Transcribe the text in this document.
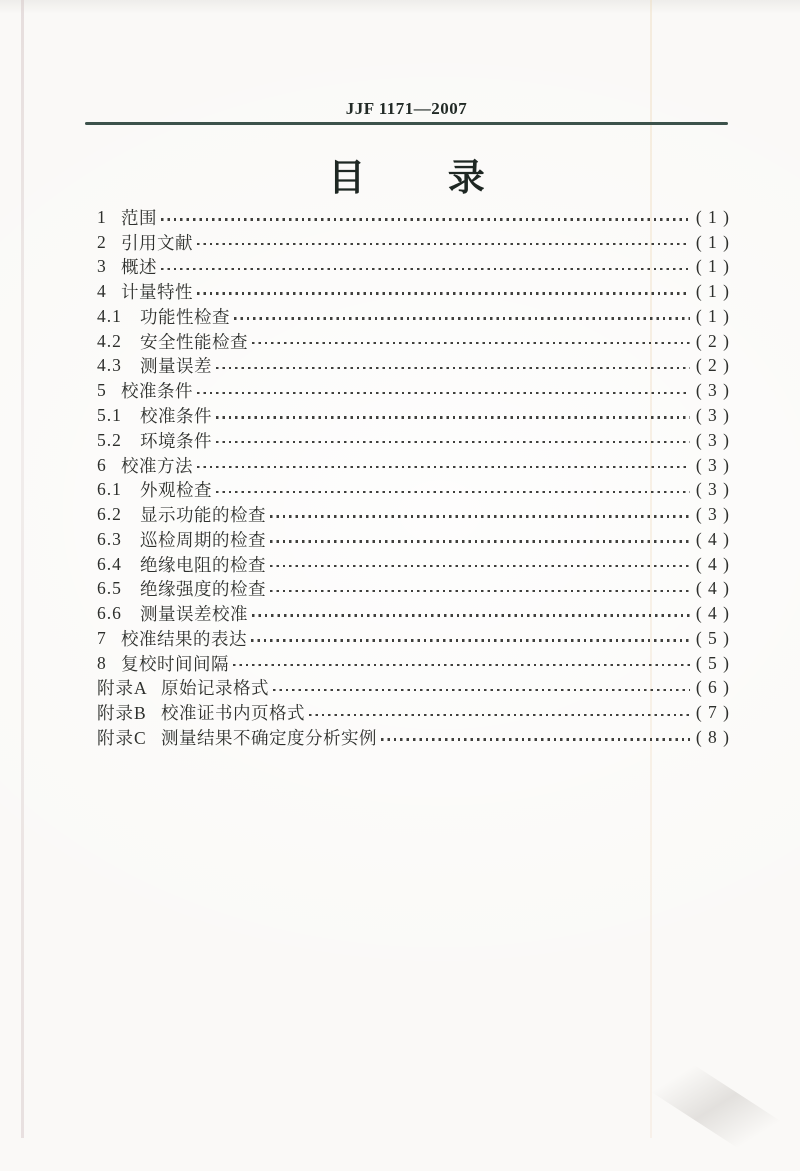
JJF 1171—2007
目 录
1 范围	( 1 )
2 引用文献	( 1 )
3 概述	( 1 )
4 计量特性	( 1 )
4.1	功能性检查	( 1 )
4.2	安全性能检查	( 2 )
4.3	测量误差	( 2 )
5 校准条件	( 3 )
5.1	校准条件	( 3 )
5.2	环境条件	( 3 )
6 校准方法	( 3 )
6.1	外观检查	( 3 )
6.2	显示功能的检查	( 3 )
6.3	巡检周期的检查	( 4 )
6.4	绝缘电阻的检查	( 4 )
6.5	绝缘强度的检查	( 4 )
6.6	测量误差校准	( 4 )
7 校准结果的表达	( 5 )
8 复校时间间隔	( 5 )
附录A 原始记录格式	( 6 )
附录B 校准证书内页格式	( 7 )
附录C 测量结果不确定度分析实例	( 8 )
